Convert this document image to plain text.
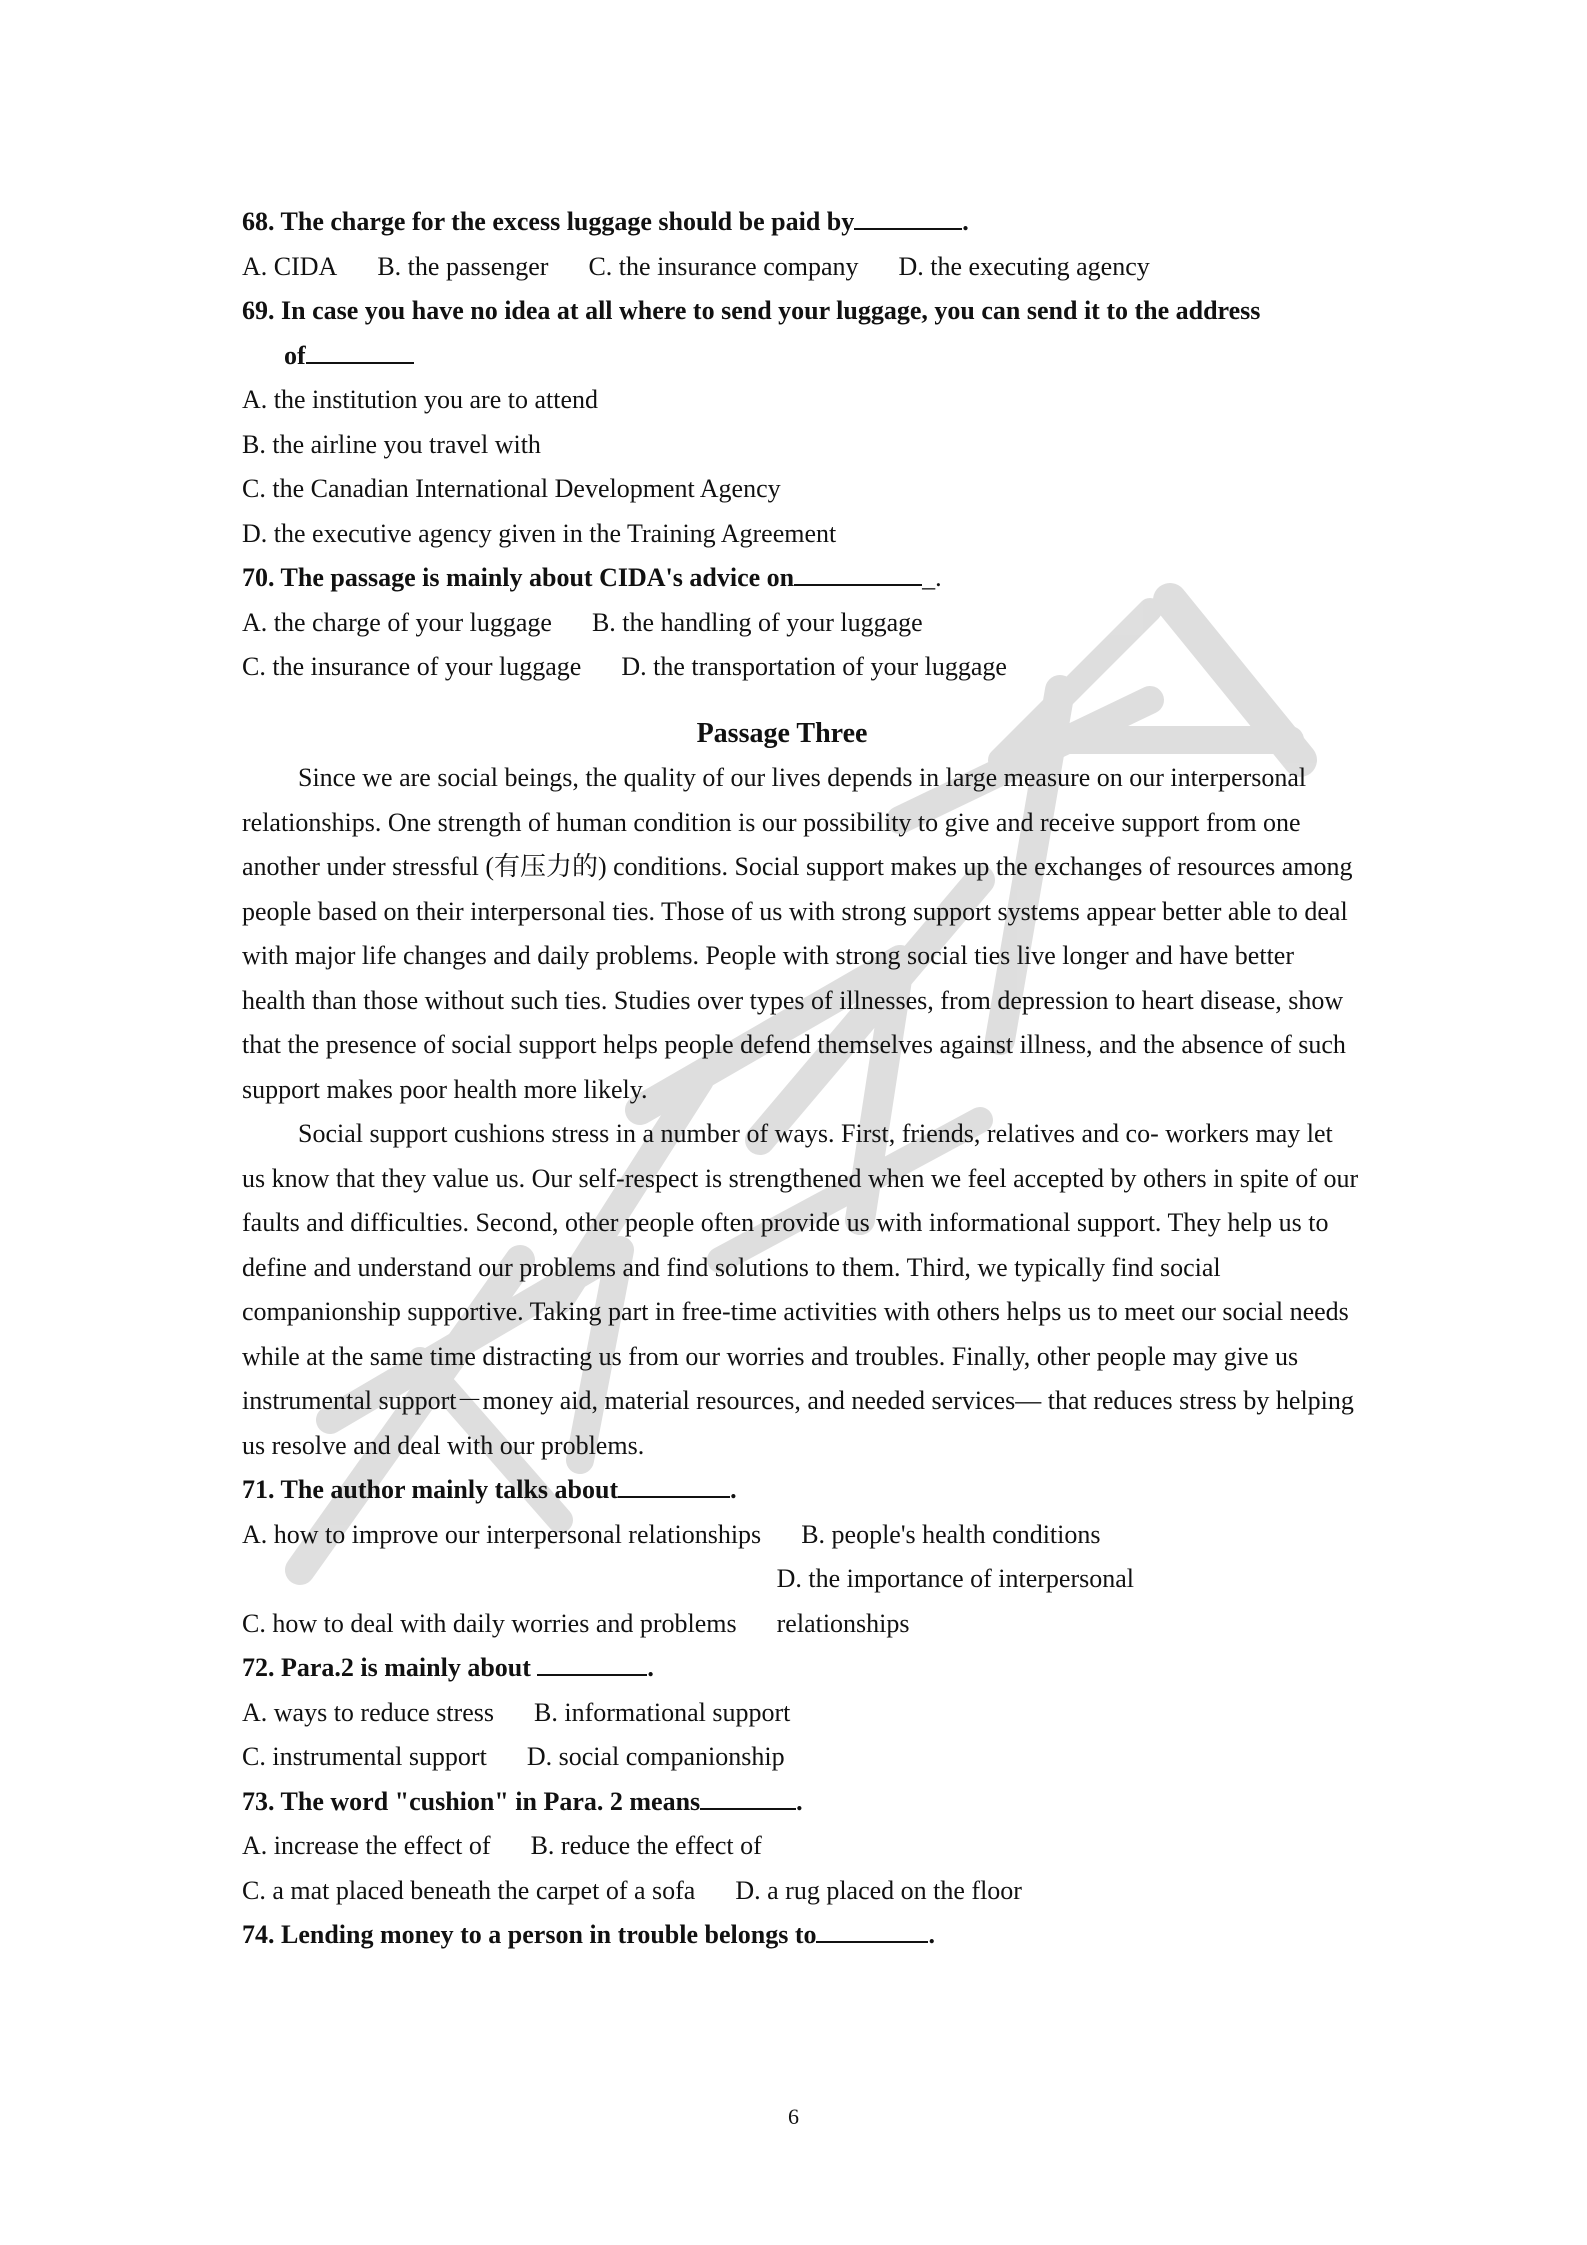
68. The charge for the excess luggage should be paid by	.
A. CIDA B. the passenger C. the insurance company D. the executing agency
69. In case you have no idea at all where to send your luggage, you can send it to the address
of
A. the institution you are to attend
B. the airline you travel with
C. the Canadian International Development Agency
D. the executive agency given in the Training Agreement
70. The passage is mainly about CIDA's advice on	_.
A. the charge of your luggage B. the handling of your luggage
C. the insurance of your luggage D. the transportation of your luggage
Passage Three
Since we are social beings, the quality of our lives depends in large measure on our interpersonal relationships. One strength of human condition is our possibility to give and receive support from one another under stressful (有压力的) conditions. Social support makes up the exchanges of resources among people based on their interpersonal ties. Those of us with strong support systems appear better able to deal with major life changes and daily problems. People with strong social ties live longer and have better health than those without such ties. Studies over types of illnesses, from depression to heart disease, show that the presence of social support helps people defend themselves against illness, and the absence of such support makes poor health more likely.
Social support cushions stress in a number of ways. First, friends, relatives and co- workers may let us know that they value us. Our self-respect is strengthened when we feel accepted by others in spite of our faults and difficulties. Second, other people often provide us with informational support. They help us to define and understand our problems and find solutions to them. Third, we typically find social companionship supportive. Taking part in free-time activities with others helps us to meet our social needs while at the same time distracting us from our worries and troubles. Finally, other people may give us instrumental support－money aid, material resources, and needed services— that reduces stress by helping us resolve and deal with our problems.
71. The author mainly talks about	.
A. how to improve our interpersonal relationships B. people's health conditions
C. how to deal with daily worries and problemsD. the importance of interpersonal relationships
72. Para.2 is mainly about	.
A. ways to reduce stress B. informational support
C. instrumental support D. social companionship
73. The word "cushion" in Para. 2 means	.
A. increase the effect of B. reduce the effect of
C. a mat placed beneath the carpet of a sofa D. a rug placed on the floor
74. Lending money to a person in trouble belongs to	.
6
